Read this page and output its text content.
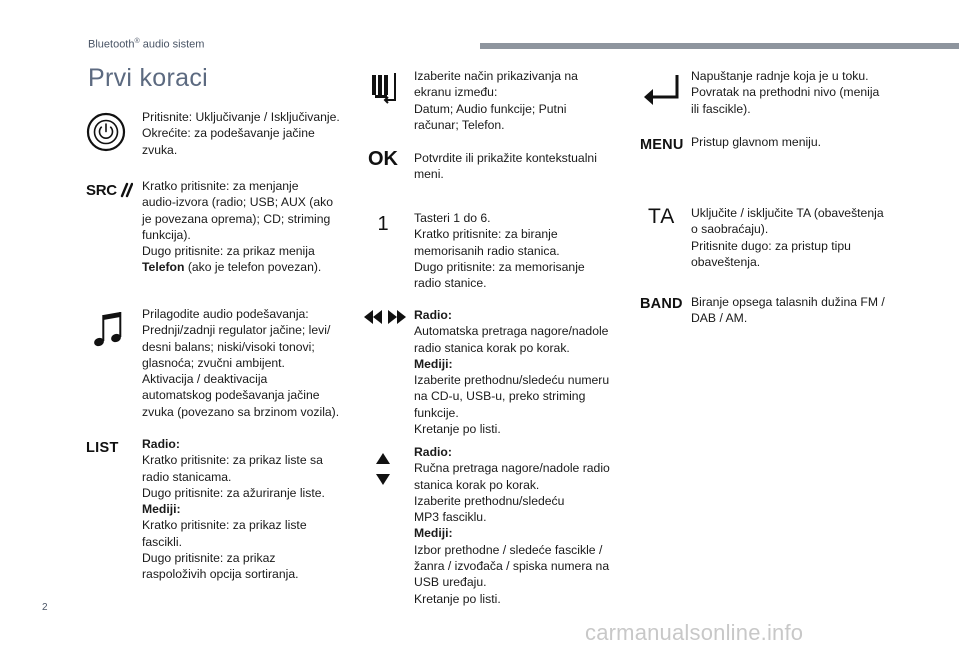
Bluetooth® audio sistem
Prvi koraci
Pritisnite: Uključivanje / Isključivanje.
Okrećite: za podešavanje jačine
zvuka.
SRC Kratko pritisnite: za menjanje
audio-izvora (radio; USB; AUX (ako
je povezana oprema); CD; striming
funkcija).
Dugo pritisnite: za prikaz menija
Telefon (ako je telefon povezan).
Prilagodite audio podešavanja:
Prednji/zadnji regulator jačine; levi/
desni balans; niski/visoki tonovi;
glasnoća; zvučni ambijent.
Aktivacija / deaktivacija
automatskog podešavanja jačine
zvuka (povezano sa brzinom vozila).
LIST Radio:
Kratko pritisnite: za prikaz liste sa
radio stanicama.
Dugo pritisnite: za ažuriranje liste.
Mediji:
Kratko pritisnite: za prikaz liste
fascikli.
Dugo pritisnite: za prikaz
raspoloživih opcija sortiranja.
Izaberite način prikazivanja na
ekranu između:
Datum; Audio funkcije; Putni
računar; Telefon.
OK Potvrdite ili prikažite kontekstualni
meni.
1 Tasteri 1 do 6.
Kratko pritisnite: za biranje
memorisanih radio stanica.
Dugo pritisnite: za memorisanje
radio stanice.
Radio:
Automatska pretraga nagore/nadole
radio stanica korak po korak.
Mediji:
Izaberite prethodnu/sledeću numeru
na CD-u, USB-u, preko striming
funkcije.
Kretanje po listi.
Radio:
Ručna pretraga nagore/nadole radio
stanica korak po korak.
Izaberite prethodnu/sledeću
MP3 fasciklu.
Mediji:
Izbor prethodne / sledeće fascikle /
žanra / izvođača / spiska numera na
USB uređaju.
Kretanje po listi.
Napuštanje radnje koja je u toku.
Povratak na prethodni nivo (menija
ili fascikle).
MENU Pristup glavnom meniju.
TA Uključite / isključite TA (obaveštenja
o saobraćaju).
Pritisnite dugo: za pristup tipu
obaveštenja.
BAND Biranje opsega talasnih dužina FM /
DAB / AM.
2
carmanualsonline.info
